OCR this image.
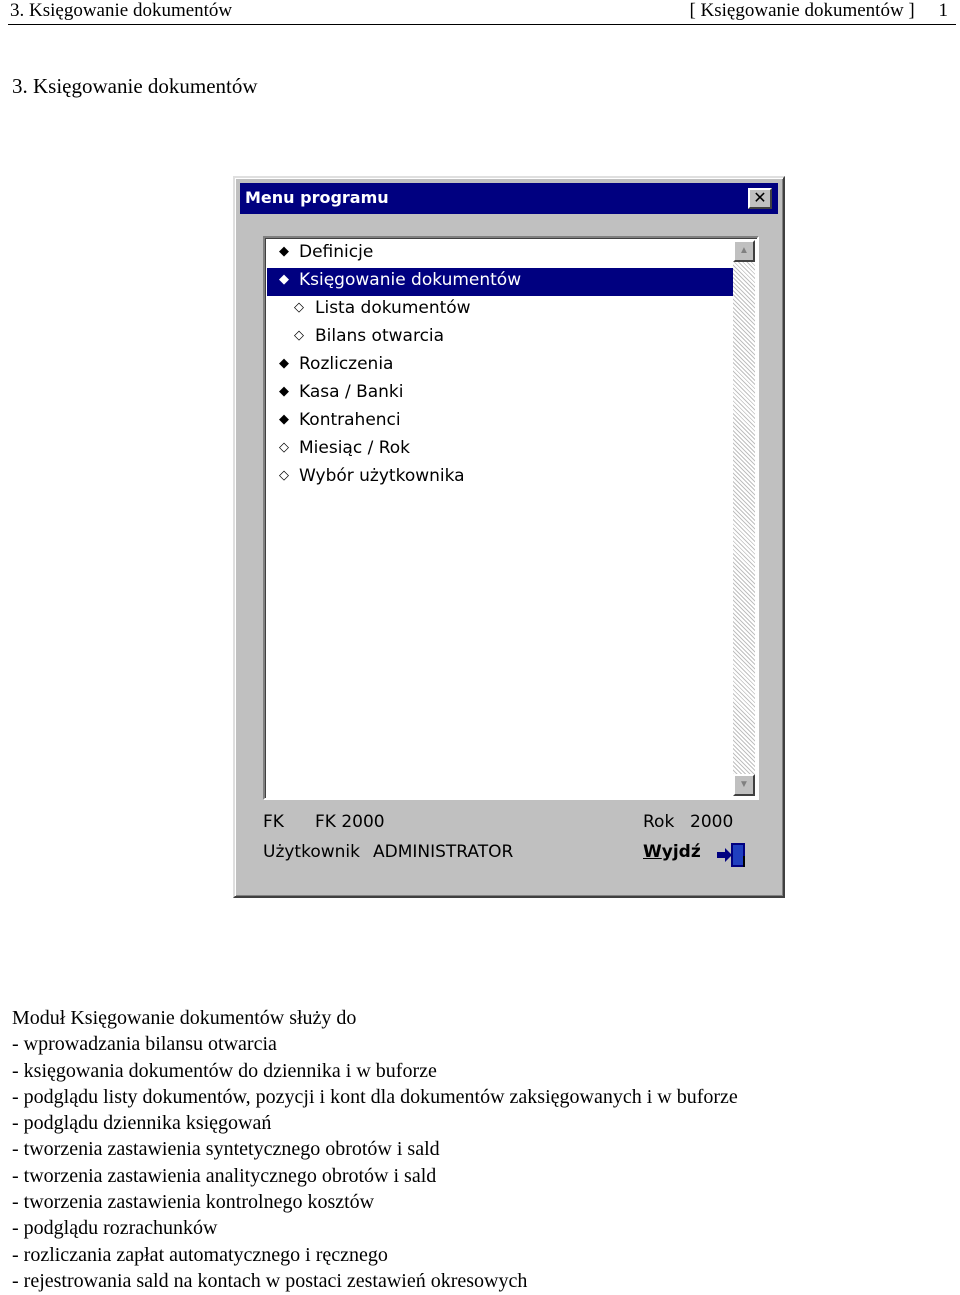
3. Księgowanie dokumentów	[ Księgowanie dokumentów ]     1
3. Księgowanie dokumentów
Menu programu	✕
◆ Definicje
◆ Księgowanie dokumentów
◇ Lista dokumentów
◇ Bilans otwarcia
◆ Rozliczenia
◆ Kasa / Banki
◆ Kontrahenci
◇ Miesiąc / Rok
◇ Wybór użytkownika
▲
▼
FK FK 2000	Rok 2000
Użytkownik ADMINISTRATOR	Wyjdź
Moduł Księgowanie dokumentów służy do
- wprowadzania bilansu otwarcia
- księgowania dokumentów do dziennika i w buforze
- podglądu listy dokumentów, pozycji i kont dla dokumentów zaksięgowanych i w buforze
- podglądu dziennika księgowań
- tworzenia zastawienia syntetycznego obrotów i sald
- tworzenia zastawienia analitycznego obrotów i sald
- tworzenia zastawienia kontrolnego kosztów
- podglądu rozrachunków
- rozliczania zapłat automatycznego i ręcznego
- rejestrowania sald na kontach w postaci zestawień okresowych
